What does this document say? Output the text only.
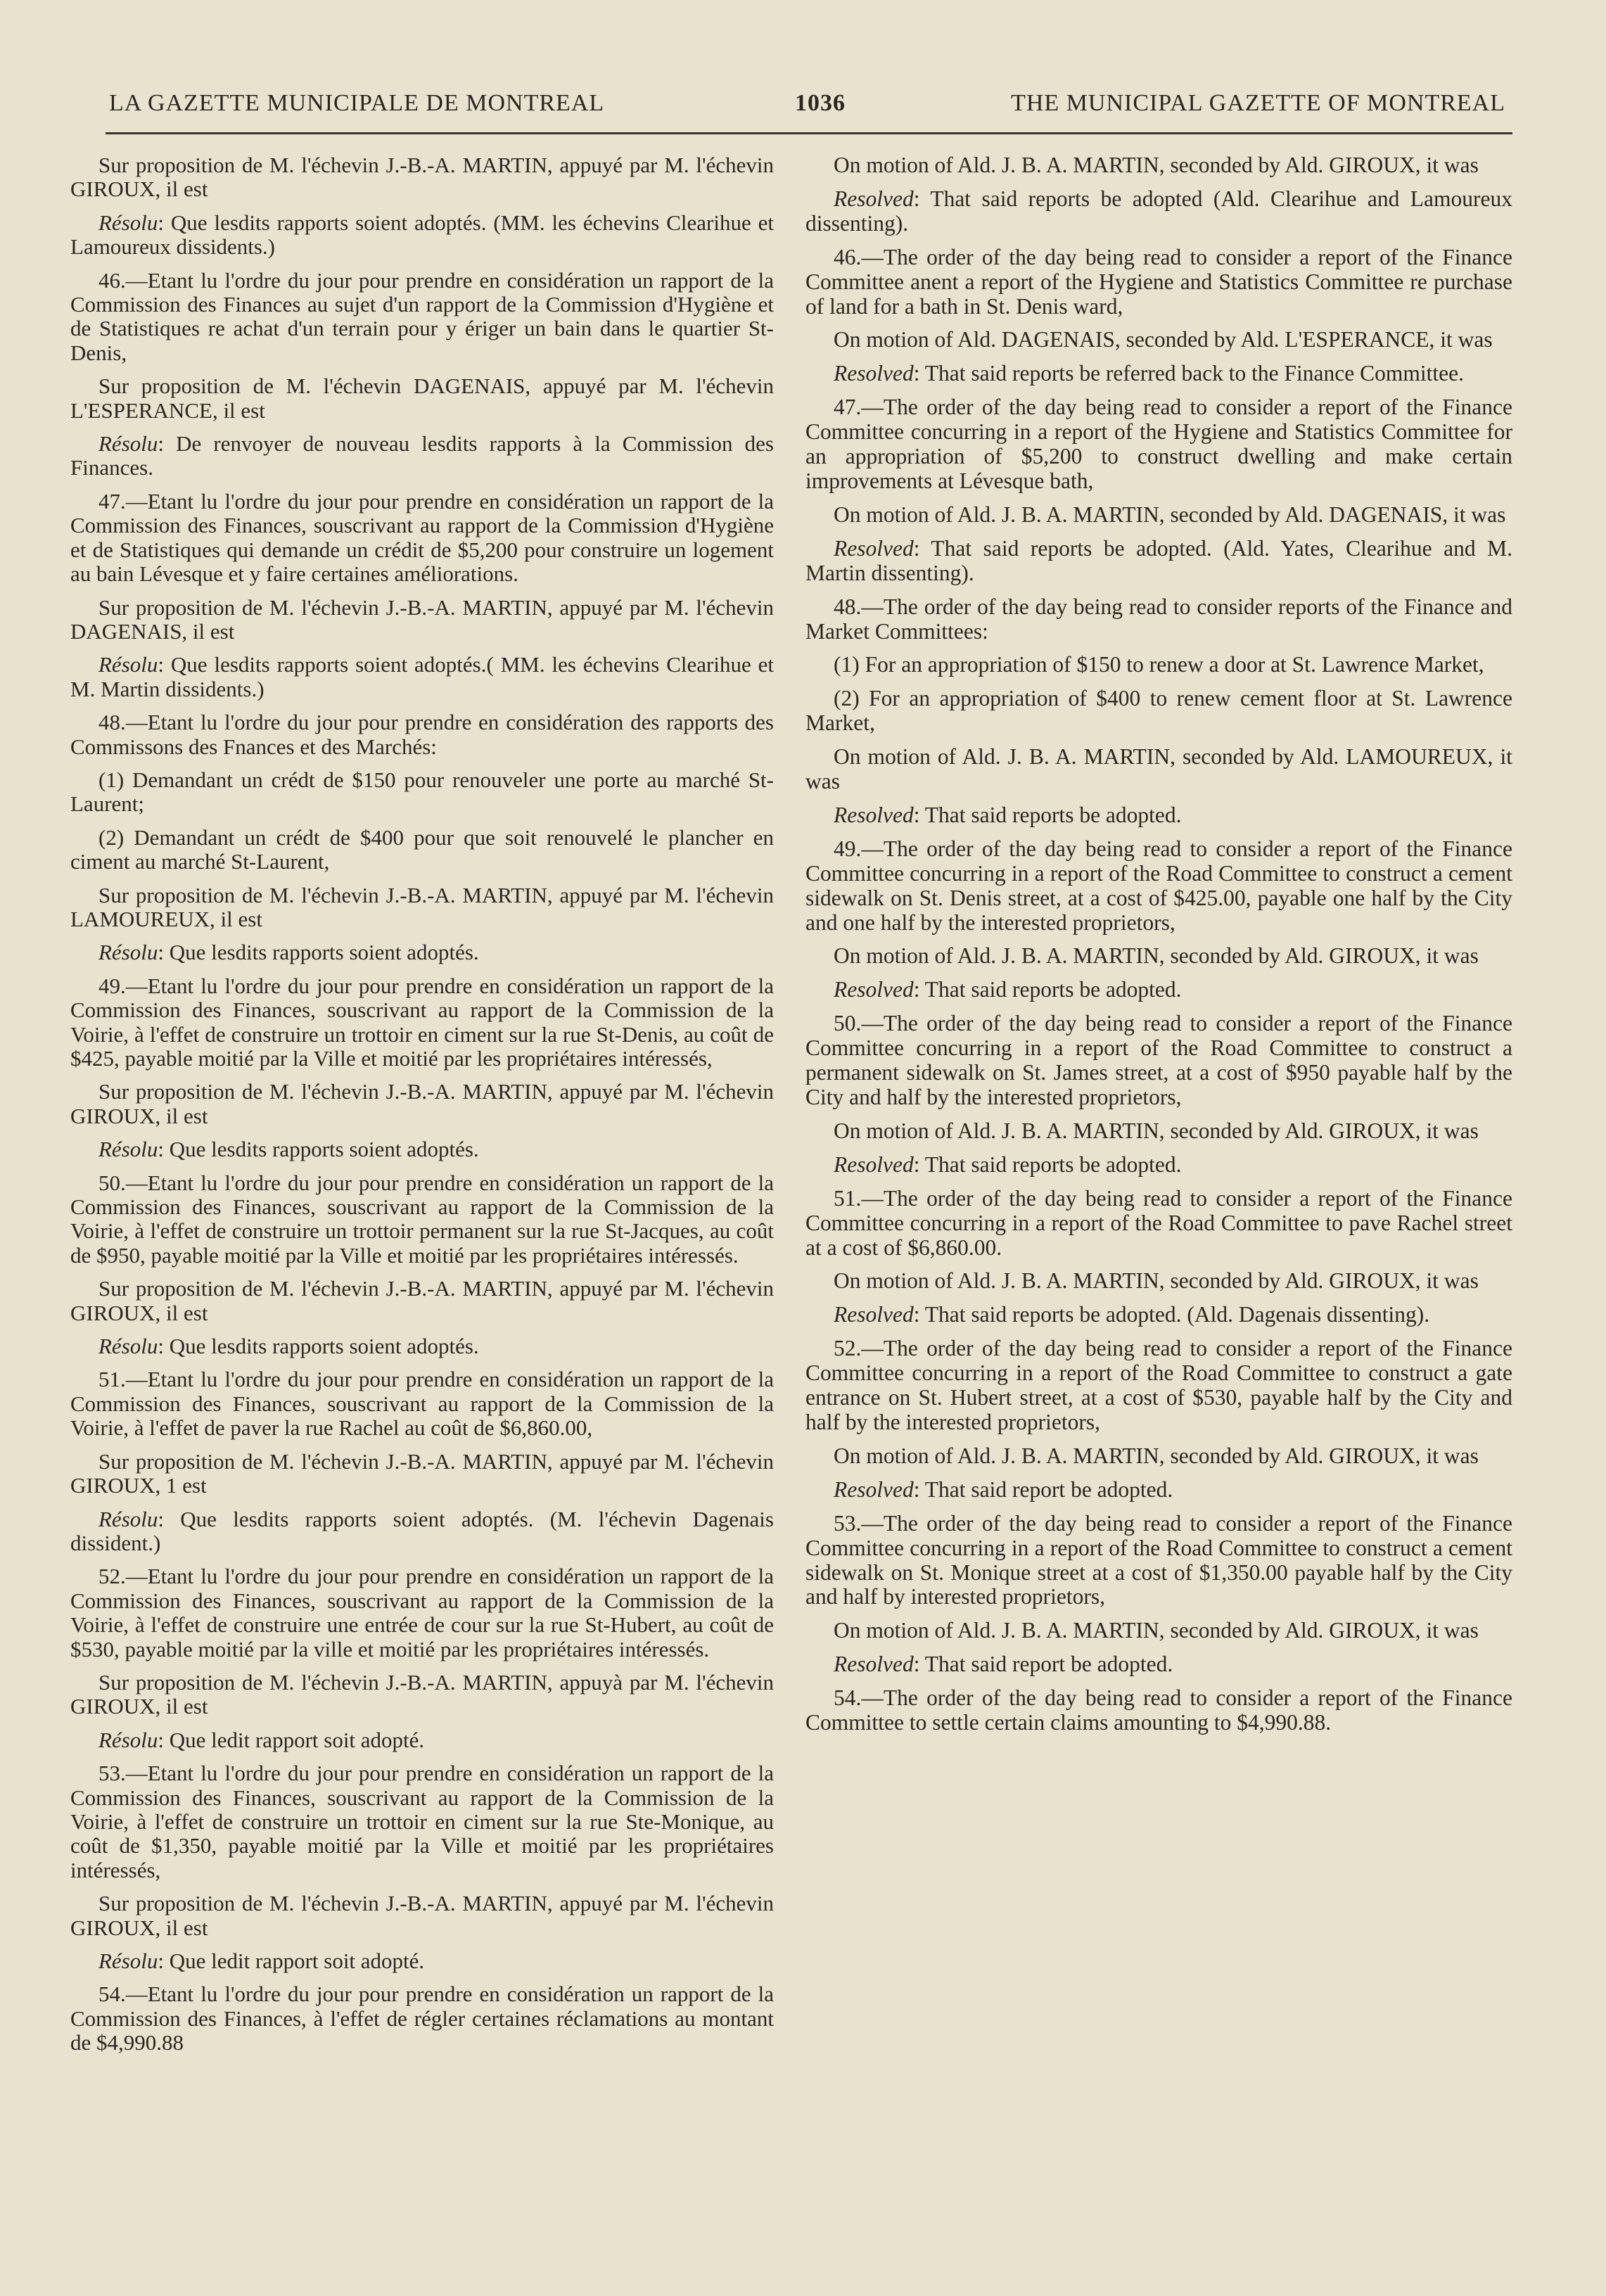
LA GAZETTE MUNICIPALE DE MONTREAL	1036	THE MUNICIPAL GAZETTE OF MONTREAL

Sur proposition de M. l'échevin J.-B.-A. MARTIN, appuyé par M. l'échevin GIROUX, il est

Résolu: Que lesdits rapports soient adoptés. (MM. les échevins Clearihue et Lamoureux dissidents.)

46.—Etant lu l'ordre du jour pour prendre en considération un rapport de la Commission des Finances au sujet d'un rapport de la Commission d'Hygiène et de Statistiques re achat d'un terrain pour y ériger un bain dans le quartier St-Denis,

Sur proposition de M. l'échevin DAGENAIS, appuyé par M. l'échevin L'ESPERANCE, il est

Résolu: De renvoyer de nouveau lesdits rapports à la Commission des Finances.

47.—Etant lu l'ordre du jour pour prendre en considération un rapport de la Commission des Finances, souscrivant au rapport de la Commission d'Hygiène et de Statistiques qui demande un crédit de $5,200 pour construire un logement au bain Lévesque et y faire certaines améliorations.

Sur proposition de M. l'échevin J.-B.-A. MARTIN, appuyé par M. l'échevin DAGENAIS, il est

Résolu: Que lesdits rapports soient adoptés.( MM. les échevins Clearihue et M. Martin dissidents.)

48.—Etant lu l'ordre du jour pour prendre en considération des rapports des Commissons des Fnances et des Marchés:

(1) Demandant un crédt de $150 pour renouveler une porte au marché St-Laurent;

(2) Demandant un crédt de $400 pour que soit renouvelé le plancher en ciment au marché St-Laurent,

Sur proposition de M. l'échevin J.-B.-A. MARTIN, appuyé par M. l'échevin LAMOUREUX, il est

Résolu: Que lesdits rapports soient adoptés.

49.—Etant lu l'ordre du jour pour prendre en considération un rapport de la Commission des Finances, souscrivant au rapport de la Commission de la Voirie, à l'effet de construire un trottoir en ciment sur la rue St-Denis, au coût de $425, payable moitié par la Ville et moitié par les propriétaires intéressés,

Sur proposition de M. l'échevin J.-B.-A. MARTIN, appuyé par M. l'échevin GIROUX, il est

Résolu: Que lesdits rapports soient adoptés.

50.—Etant lu l'ordre du jour pour prendre en considération un rapport de la Commission des Finances, souscrivant au rapport de la Commission de la Voirie, à l'effet de construire un trottoir permanent sur la rue St-Jacques, au coût de $950, payable moitié par la Ville et moitié par les propriétaires intéressés.

Sur proposition de M. l'échevin J.-B.-A. MARTIN, appuyé par M. l'échevin GIROUX, il est

Résolu: Que lesdits rapports soient adoptés.

51.—Etant lu l'ordre du jour pour prendre en considération un rapport de la Commission des Finances, souscrivant au rapport de la Commission de la Voirie, à l'effet de paver la rue Rachel au coût de $6,860.00,

Sur proposition de M. l'échevin J.-B.-A. MARTIN, appuyé par M. l'échevin GIROUX, 1 est

Résolu: Que lesdits rapports soient adoptés. (M. l'échevin Dagenais dissident.)

52.—Etant lu l'ordre du jour pour prendre en considération un rapport de la Commission des Finances, souscrivant au rapport de la Commission de la Voirie, à l'effet de construire une entrée de cour sur la rue St-Hubert, au coût de $530, payable moitié par la ville et moitié par les propriétaires intéressés.

Sur proposition de M. l'échevin J.-B.-A. MARTIN, appuyà par M. l'échevin GIROUX, il est

Résolu: Que ledit rapport soit adopté.

53.—Etant lu l'ordre du jour pour prendre en considération un rapport de la Commission des Finances, souscrivant au rapport de la Commission de la Voirie, à l'effet de construire un trottoir en ciment sur la rue Ste-Monique, au coût de $1,350, payable moitié par la Ville et moitié par les propriétaires intéressés,

Sur proposition de M. l'échevin J.-B.-A. MARTIN, appuyé par M. l'échevin GIROUX, il est

Résolu: Que ledit rapport soit adopté.

54.—Etant lu l'ordre du jour pour prendre en considération un rapport de la Commission des Finances, à l'effet de régler certaines réclamations au montant de $4,990.88

On motion of Ald. J. B. A. MARTIN, seconded by Ald. GIROUX, it was

Resolved: That said reports be adopted (Ald. Clearihue and Lamoureux dissenting).

46.—The order of the day being read to consider a report of the Finance Committee anent a report of the Hygiene and Statistics Committee re purchase of land for a bath in St. Denis ward,

On motion of Ald. DAGENAIS, seconded by Ald. L'ESPERANCE, it was

Resolved: That said reports be referred back to the Finance Committee.

47.—The order of the day being read to consider a report of the Finance Committee concurring in a report of the Hygiene and Statistics Committee for an appropriation of $5,200 to construct dwelling and make certain improvements at Lévesque bath,

On motion of Ald. J. B. A. MARTIN, seconded by Ald. DAGENAIS, it was

Resolved: That said reports be adopted. (Ald. Yates, Clearihue and M. Martin dissenting).

48.—The order of the day being read to consider reports of the Finance and Market Committees:

(1) For an appropriation of $150 to renew a door at St. Lawrence Market,

(2) For an appropriation of $400 to renew cement floor at St. Lawrence Market,

On motion of Ald. J. B. A. MARTIN, seconded by Ald. LAMOUREUX, it was

Resolved: That said reports be adopted.

49.—The order of the day being read to consider a report of the Finance Committee concurring in a report of the Road Committee to construct a cement sidewalk on St. Denis street, at a cost of $425.00, payable one half by the City and one half by the interested proprietors,

On motion of Ald. J. B. A. MARTIN, seconded by Ald. GIROUX, it was

Resolved: That said reports be adopted.

50.—The order of the day being read to consider a report of the Finance Committee concurring in a report of the Road Committee to construct a permanent sidewalk on St. James street, at a cost of $950 payable half by the City and half by the interested proprietors,

On motion of Ald. J. B. A. MARTIN, seconded by Ald. GIROUX, it was

Resolved: That said reports be adopted.

51.—The order of the day being read to consider a report of the Finance Committee concurring in a report of the Road Committee to pave Rachel street at a cost of $6,860.00.

On motion of Ald. J. B. A. MARTIN, seconded by Ald. GIROUX, it was

Resolved: That said reports be adopted. (Ald. Dagenais dissenting).

52.—The order of the day being read to consider a report of the Finance Committee concurring in a report of the Road Committee to construct a gate entrance on St. Hubert street, at a cost of $530, payable half by the City and half by the interested proprietors,

On motion of Ald. J. B. A. MARTIN, seconded by Ald. GIROUX, it was

Resolved: That said report be adopted.

53.—The order of the day being read to consider a report of the Finance Committee concurring in a report of the Road Committee to construct a cement sidewalk on St. Monique street at a cost of $1,350.00 payable half by the City and half by interested proprietors,

On motion of Ald. J. B. A. MARTIN, seconded by Ald. GIROUX, it was

Resolved: That said report be adopted.

54.—The order of the day being read to consider a report of the Finance Committee to settle certain claims amounting to $4,990.88.
